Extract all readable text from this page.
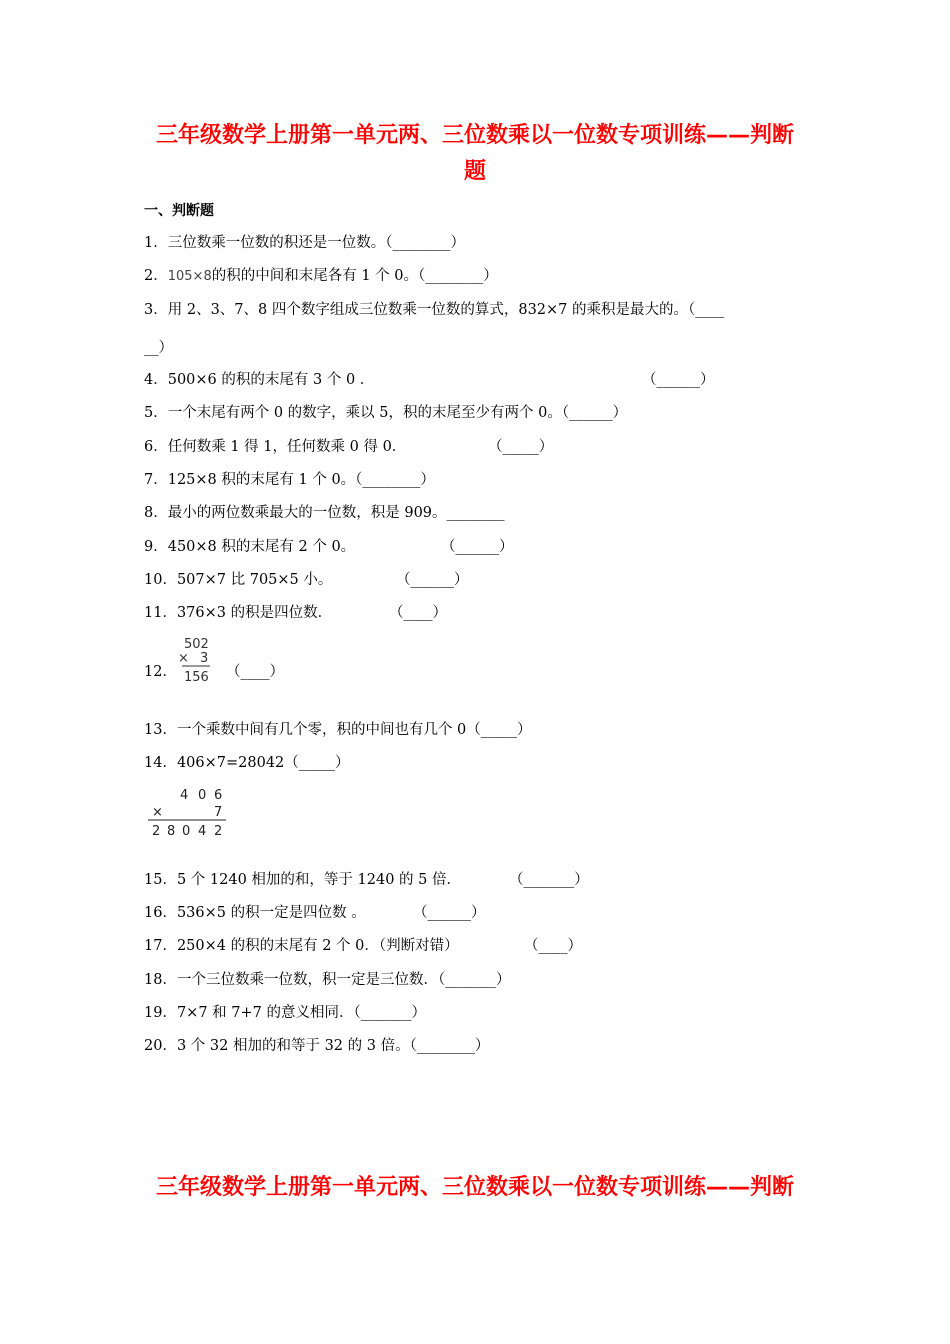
三年级数学上册第一单元两、三位数乘以一位数专项训练——判断
题
一、判断题
1．三位数乘一位数的积还是一位数。（________）
2．105×8的积的中间和末尾各有 1 个 0。（________）
3．用 2、3、7、8 四个数字组成三位数乘一位数的算式，832×7 的乘积是最大的。（____
__）
4．500×6 的积的末尾有 3 个 0 ．	（______）
5．一个末尾有两个 0 的数字，乘以 5，积的末尾至少有两个 0。（______）
6．任何数乘 1 得 1，任何数乘 0 得 0．	（_____）
7．125×8 积的末尾有 1 个 0。（________）
8．最小的两位数乘最大的一位数，积是 909。________
9．450×8 积的末尾有 2 个 0。	（______）
10．507×7 比 705×5 小。	（______）
11．376×3 的积是四位数．	（____）
12．
502
× 3
156 （____）
13．一个乘数中间有几个零，积的中间也有几个 0（_____）
14．406×7=28042（_____）
4 0 6
×	7
2 8 0 4 2
15．5 个 1240 相加的和，等于 1240 的 5 倍．	（_______）
16．536×5 的积一定是四位数 。	（______）
17．250×4 的积的末尾有 2 个 0．（判断对错）	（____）
18．一个三位数乘一位数，积一定是三位数．（_______）
19．7×7 和 7+7 的意义相同．（_______）
20．3 个 32 相加的和等于 32 的 3 倍。（________）
三年级数学上册第一单元两、三位数乘以一位数专项训练——判断
